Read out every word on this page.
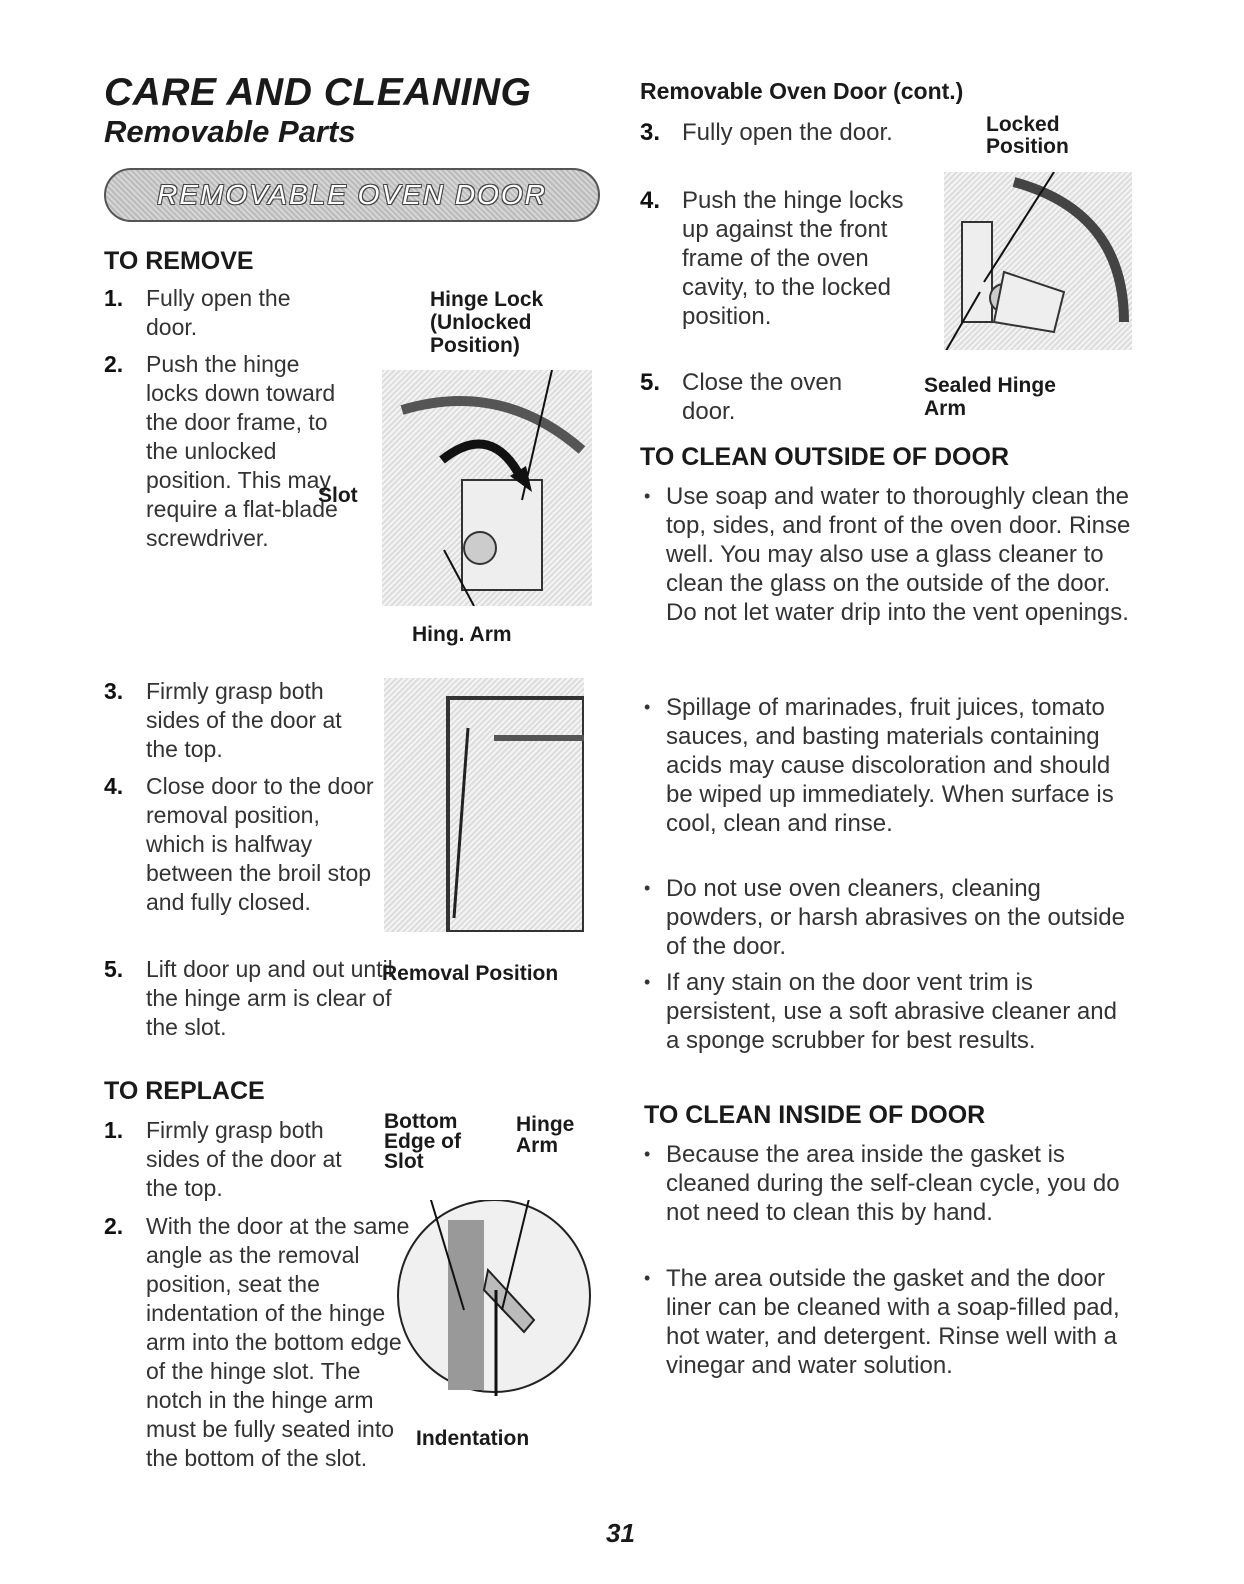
CARE AND CLEANING
Removable Parts
REMOVABLE OVEN DOOR
TO REMOVE
1. Fully open the door.
2. Push the hinge locks down toward the door frame, to the unlocked position. This may require a flat-blade screwdriver.
Hinge Lock (Unlocked Position)
Slot
Hing. Arm
3. Firmly grasp both sides of the door at the top.
4. Close door to the door removal position, which is halfway between the broil stop and fully closed.
5. Lift door up and out until the hinge arm is clear of the slot.
Removal Position
TO REPLACE
1. Firmly grasp both sides of the door at the top.
2. With the door at the same angle as the removal position, seat the indentation of the hinge arm into the bottom edge of the hinge slot. The notch in the hinge arm must be fully seated into the bottom of the slot.
Bottom Edge of Slot
Hinge Arm
Indentation
Removable Oven Door (cont.)
3. Fully open the door.
4. Push the hinge locks up against the front frame of the oven cavity, to the locked position.
5. Close the oven door.
Locked Position
Sealed Hinge Arm
TO CLEAN OUTSIDE OF DOOR
• Use soap and water to thoroughly clean the top, sides, and front of the oven door. Rinse well. You may also use a glass cleaner to clean the glass on the outside of the door. Do not let water drip into the vent openings.
• Spillage of marinades, fruit juices, tomato sauces, and basting materials containing acids may cause discoloration and should be wiped up immediately. When surface is cool, clean and rinse.
• Do not use oven cleaners, cleaning powders, or harsh abrasives on the outside of the door.
• If any stain on the door vent trim is persistent, use a soft abrasive cleaner and a sponge scrubber for best results.
TO CLEAN INSIDE OF DOOR
• Because the area inside the gasket is cleaned during the self-clean cycle, you do not need to clean this by hand.
• The area outside the gasket and the door liner can be cleaned with a soap-filled pad, hot water, and detergent. Rinse well with a vinegar and water solution.
31
